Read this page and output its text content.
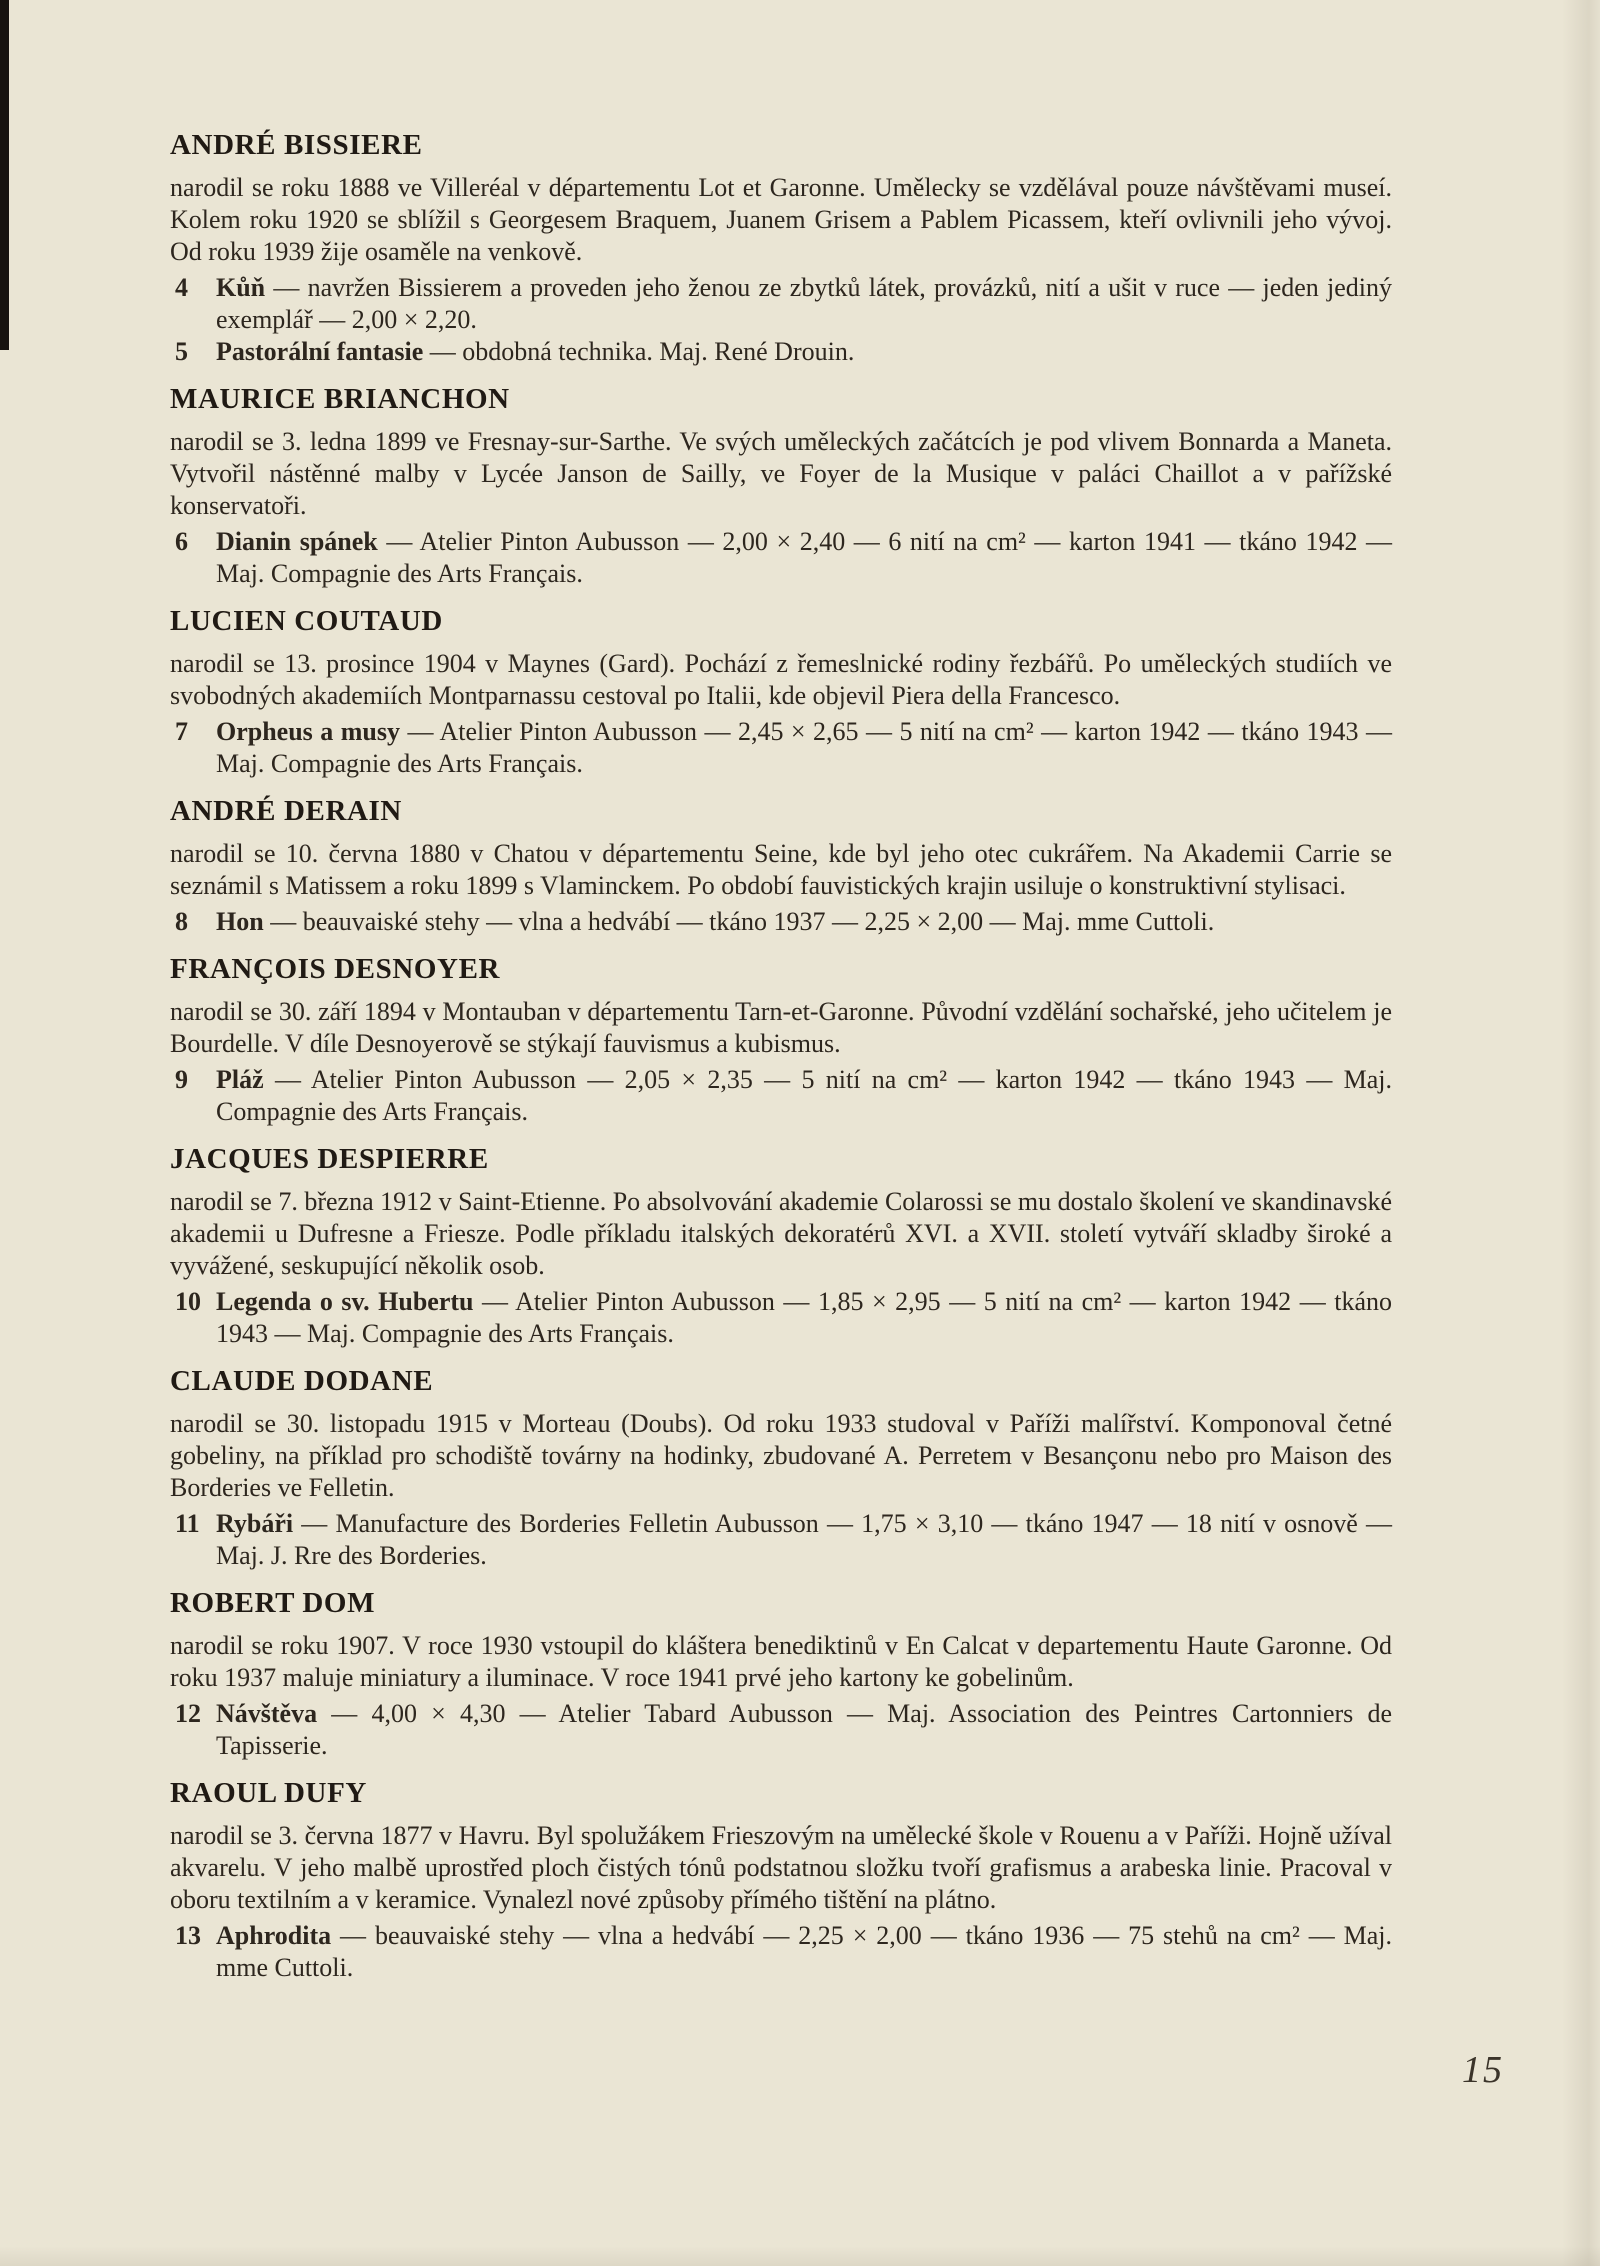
ANDRÉ BISSIERE

narodil se roku 1888 ve Villeréal v départementu Lot et Garonne. Umělecky se vzdělával pouze návštěvami museí. Kolem roku 1920 se sblížil s Georgesem Braquem, Juanem Grisem a Pablem Picassem, kteří ovlivnili jeho vývoj. Od roku 1939 žije osaměle na venkově.

4 Kůň — navržen Bissierem a proveden jeho ženou ze zbytků látek, provázků, nití a ušit v ruce — jeden jediný exemplář — 2,00 × 2,20.
5 Pastorální fantasie — obdobná technika. Maj. René Drouin.
MAURICE BRIANCHON

narodil se 3. ledna 1899 ve Fresnay-sur-Sarthe. Ve svých uměleckých začátcích je pod vlivem Bonnarda a Maneta. Vytvořil nástěnné malby v Lycée Janson de Sailly, ve Foyer de la Musique v paláci Chaillot a v pařížské konservatoři.

6 Dianin spánek — Atelier Pinton Aubusson — 2,00 × 2,40 — 6 nití na cm² — karton 1941 — tkáno 1942 — Maj. Compagnie des Arts Français.
LUCIEN COUTAUD

narodil se 13. prosince 1904 v Maynes (Gard). Pochází z řemeslnické rodiny řezbářů. Po uměleckých studiích ve svobodných akademiích Montparnassu cestoval po Italii, kde objevil Piera della Francesco.

7 Orpheus a musy — Atelier Pinton Aubusson — 2,45 × 2,65 — 5 nití na cm² — karton 1942 — tkáno 1943 — Maj. Compagnie des Arts Français.
ANDRÉ DERAIN

narodil se 10. června 1880 v Chatou v départementu Seine, kde byl jeho otec cukrářem. Na Akademii Carrie se seznámil s Matissem a roku 1899 s Vlaminckem. Po období fauvistických krajin usiluje o konstruktivní stylisaci.

8 Hon — beauvaiské stehy — vlna a hedvábí — tkáno 1937 — 2,25 × 2,00 — Maj. mme Cuttoli.
FRANÇOIS DESNOYER

narodil se 30. září 1894 v Montauban v départementu Tarn-et-Garonne. Původní vzdělání sochařské, jeho učitelem je Bourdelle. V díle Desnoyerově se stýkají fauvismus a kubismus.

9 Pláž — Atelier Pinton Aubusson — 2,05 × 2,35 — 5 nití na cm² — karton 1942 — tkáno 1943 — Maj. Compagnie des Arts Français.
JACQUES DESPIERRE

narodil se 7. března 1912 v Saint-Etienne. Po absolvování akademie Colarossi se mu dostalo školení ve skandinavské akademii u Dufresne a Friesze. Podle příkladu italských dekoratérů XVI. a XVII. století vytváří skladby široké a vyvážené, seskupující několik osob.

10 Legenda o sv. Hubertu — Atelier Pinton Aubusson — 1,85 × 2,95 — 5 nití na cm² — karton 1942 — tkáno 1943 — Maj. Compagnie des Arts Français.
CLAUDE DODANE

narodil se 30. listopadu 1915 v Morteau (Doubs). Od roku 1933 studoval v Paříži malířství. Komponoval četné gobeliny, na příklad pro schodiště továrny na hodinky, zbudované A. Perretem v Besançonu nebo pro Maison des Borderies ve Felletin.

11 Rybáři — Manufacture des Borderies Felletin Aubusson — 1,75 × 3,10 — tkáno 1947 — 18 nití v osnově — Maj. J. Rre des Borderies.
ROBERT DOM

narodil se roku 1907. V roce 1930 vstoupil do kláštera benediktinů v En Calcat v departementu Haute Garonne. Od roku 1937 maluje miniatury a iluminace. V roce 1941 prvé jeho kartony ke gobelinům.

12 Návštěva — 4,00 × 4,30 — Atelier Tabard Aubusson — Maj. Association des Peintres Cartonniers de Tapisserie.
RAOUL DUFY

narodil se 3. června 1877 v Havru. Byl spolužákem Frieszovým na umělecké škole v Rouenu a v Paříži. Hojně užíval akvarelu. V jeho malbě uprostřed ploch čistých tónů podstatnou složku tvoří grafismus a arabeska linie. Pracoval v oboru textilním a v keramice. Vynalezl nové způsoby přímého tištění na plátno.

13 Aphrodita — beauvaiské stehy — vlna a hedvábí — 2,25 × 2,00 — tkáno 1936 — 75 stehů na cm² — Maj. mme Cuttoli.
15
